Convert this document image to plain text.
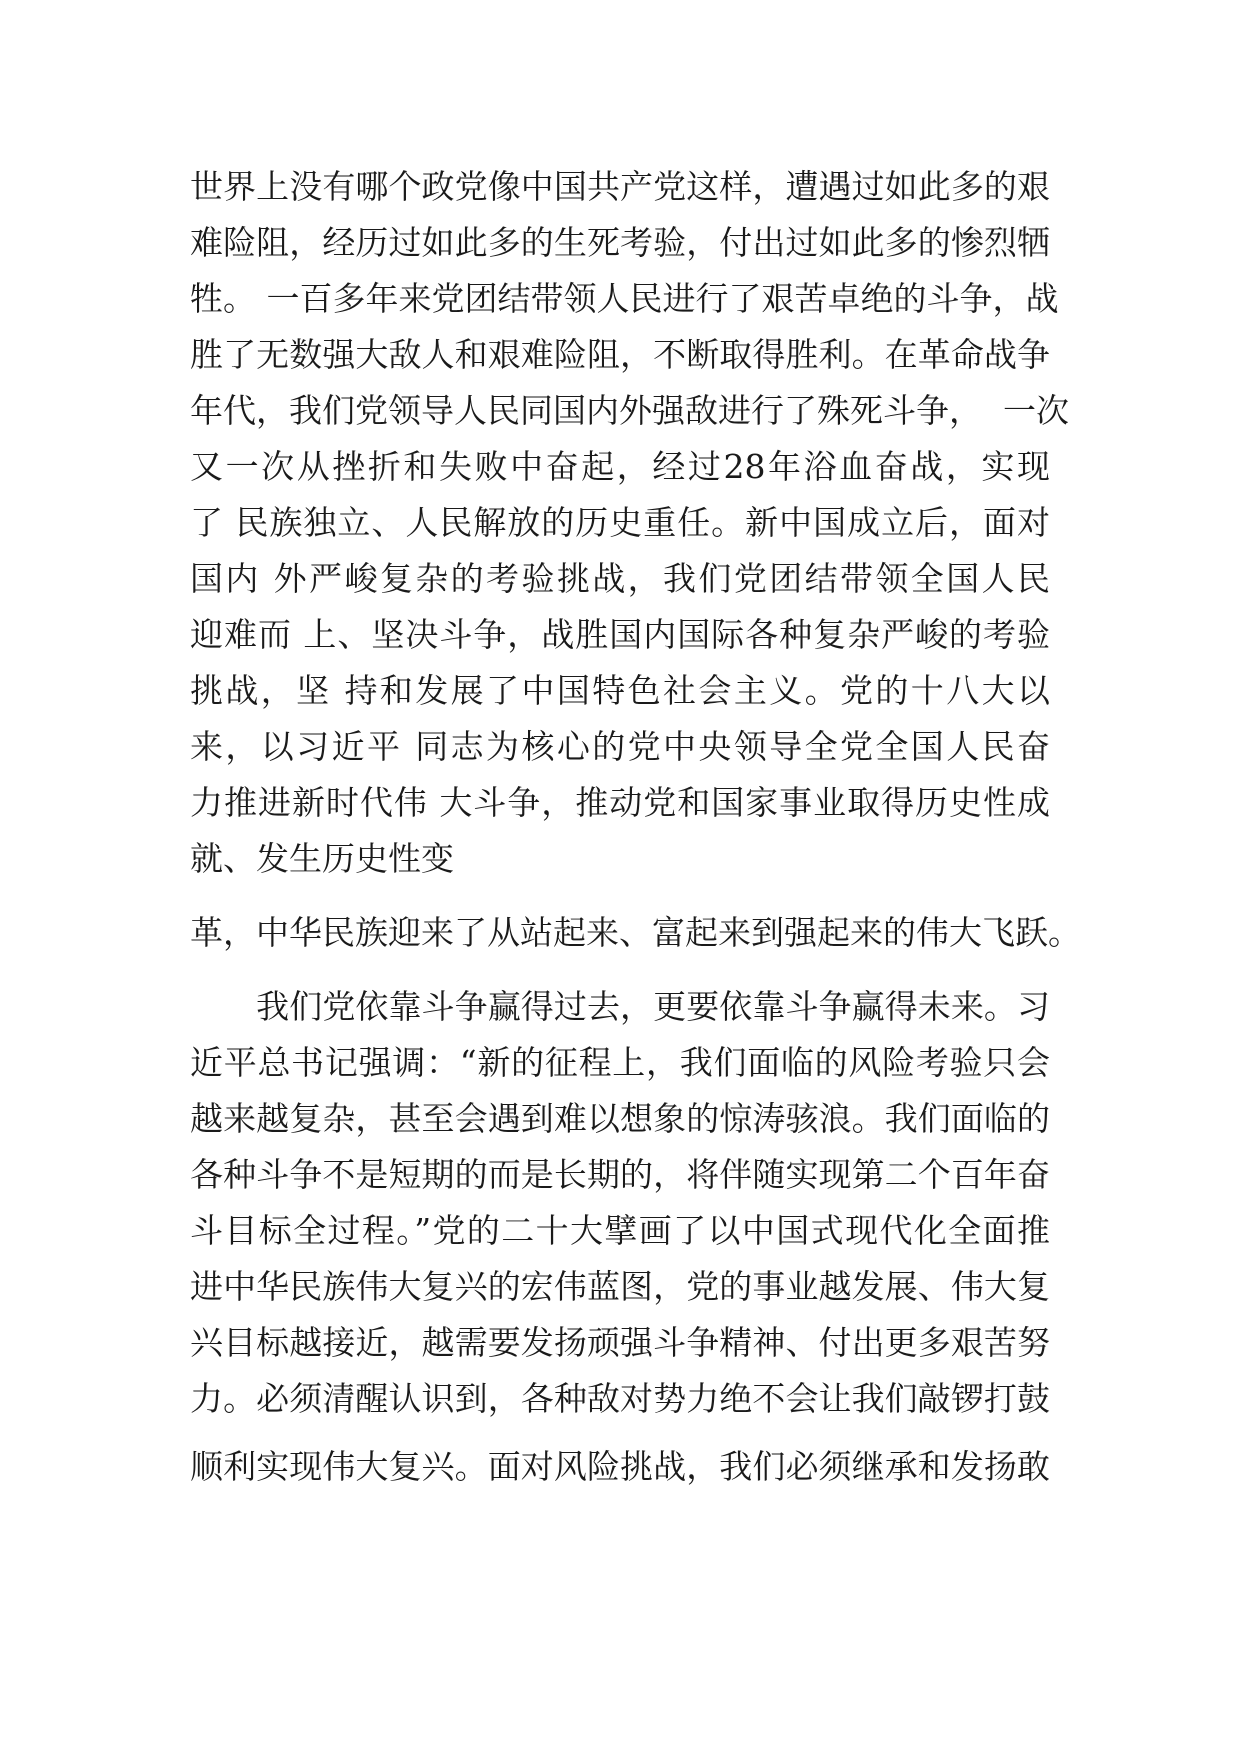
世界上没有哪个政党像中国共产党这样，遭遇过如此多的艰
难险阻，经历过如此多的生死考验，付出过如此多的惨烈牺
牲。 一百多年来党团结带领人民进行了艰苦卓绝的斗争，战
胜了无数强大敌人和艰难险阻，不断取得胜利。在革命战争
年代，我们党领导人民同国内外强敌进行了殊死斗争，  一次
又一次从挫折和失败中奋起，经过28年浴血奋战，实现
了 民族独立、人民解放的历史重任。新中国成立后，面对
国内 外严峻复杂的考验挑战，我们党团结带领全国人民
迎难而 上、坚决斗争，战胜国内国际各种复杂严峻的考验
挑战，坚 持和发展了中国特色社会主义。党的十八大以
来，以习近平 同志为核心的党中央领导全党全国人民奋
力推进新时代伟 大斗争，推动党和国家事业取得历史性成
就、发生历史性变
革，中华民族迎来了从站起来、富起来到强起来的伟大飞跃。
　　我们党依靠斗争赢得过去，更要依靠斗争赢得未来。习
近平总书记强调：“新的征程上，我们面临的风险考验只会
越来越复杂，甚至会遇到难以想象的惊涛骇浪。我们面临的
各种斗争不是短期的而是长期的，将伴随实现第二个百年奋
斗目标全过程。”党的二十大擘画了以中国式现代化全面推
进中华民族伟大复兴的宏伟蓝图，党的事业越发展、伟大复
兴目标越接近，越需要发扬顽强斗争精神、付出更多艰苦努
力。必须清醒认识到，各种敌对势力绝不会让我们敲锣打鼓
顺利实现伟大复兴。面对风险挑战，我们必须继承和发扬敢
